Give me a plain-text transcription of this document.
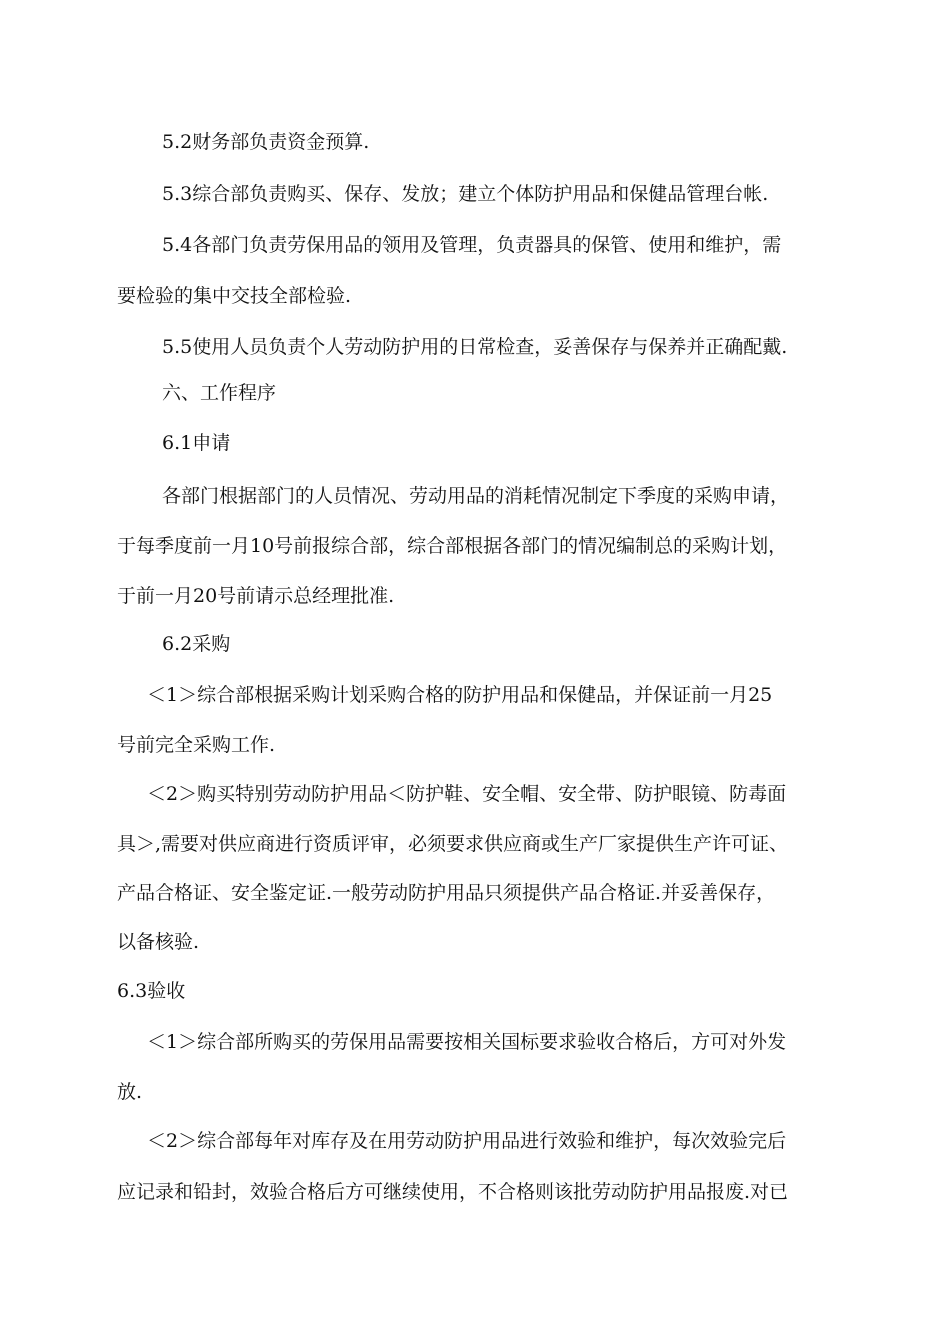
5.2财务部负责资金预算.
5.3综合部负责购买、保存、发放；建立个体防护用品和保健品管理台帐.
5.4各部门负责劳保用品的领用及管理，负责器具的保管、使用和维护，需
要检验的集中交技全部检验.
5.5使用人员负责个人劳动防护用的日常检查，妥善保存与保养并正确配戴.
六、工作程序
6.1申请
各部门根据部门的人员情况、劳动用品的消耗情况制定下季度的采购申请，
于每季度前一月10号前报综合部，综合部根据各部门的情况编制总的采购计划，
于前一月20号前请示总经理批准.
6.2采购
＜1＞综合部根据采购计划采购合格的防护用品和保健品，并保证前一月25
号前完全采购工作.
＜2＞购买特别劳动防护用品＜防护鞋、安全帽、安全带、防护眼镜、防毒面
具＞,需要对供应商进行资质评审，必须要求供应商或生产厂家提供生产许可证、
产品合格证、安全鉴定证.一般劳动防护用品只须提供产品合格证.并妥善保存，
以备核验.
6.3验收
＜1＞综合部所购买的劳保用品需要按相关国标要求验收合格后，方可对外发
放.
＜2＞综合部每年对库存及在用劳动防护用品进行效验和维护，每次效验完后
应记录和铅封，效验合格后方可继续使用，不合格则该批劳动防护用品报废.对已
